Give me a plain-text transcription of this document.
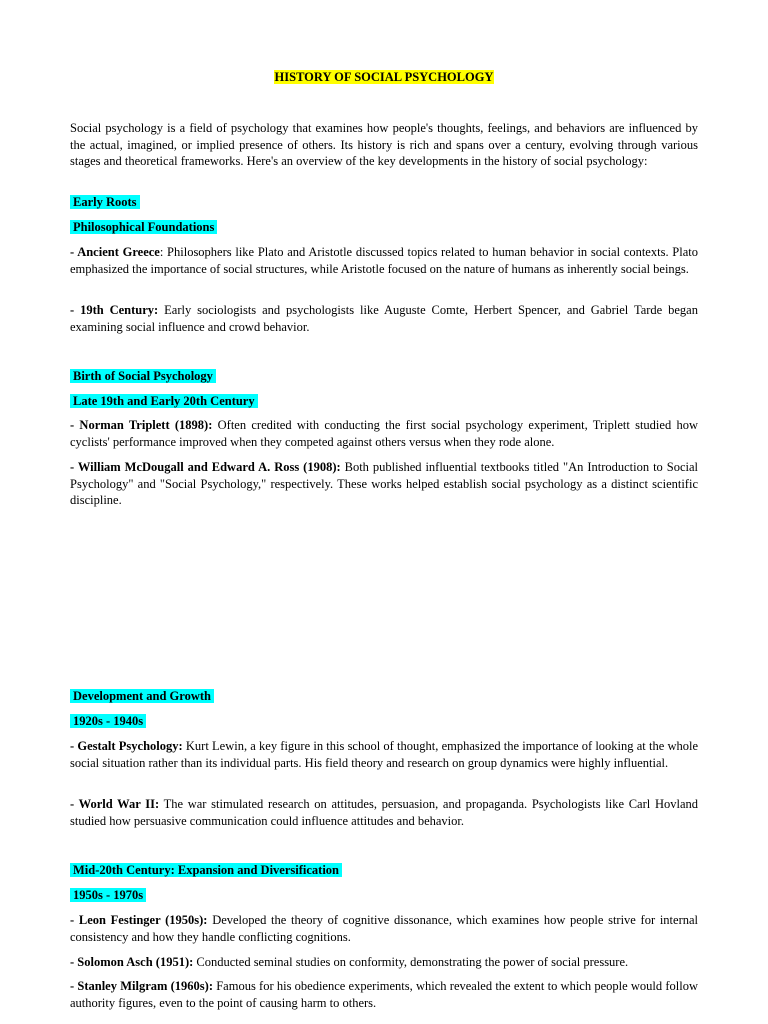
HISTORY OF SOCIAL PSYCHOLOGY
Social psychology is a field of psychology that examines how people's thoughts, feelings, and behaviors are influenced by the actual, imagined, or implied presence of others. Its history is rich and spans over a century, evolving through various stages and theoretical frameworks. Here's an overview of the key developments in the history of social psychology:
Early Roots
Philosophical Foundations
- Ancient Greece: Philosophers like Plato and Aristotle discussed topics related to human behavior in social contexts. Plato emphasized the importance of social structures, while Aristotle focused on the nature of humans as inherently social beings.
- 19th Century: Early sociologists and psychologists like Auguste Comte, Herbert Spencer, and Gabriel Tarde began examining social influence and crowd behavior.
Birth of Social Psychology
Late 19th and Early 20th Century
- Norman Triplett (1898): Often credited with conducting the first social psychology experiment, Triplett studied how cyclists' performance improved when they competed against others versus when they rode alone.
- William McDougall and Edward A. Ross (1908): Both published influential textbooks titled "An Introduction to Social Psychology" and "Social Psychology," respectively. These works helped establish social psychology as a distinct scientific discipline.
Development and Growth
1920s - 1940s
- Gestalt Psychology: Kurt Lewin, a key figure in this school of thought, emphasized the importance of looking at the whole social situation rather than its individual parts. His field theory and research on group dynamics were highly influential.
- World War II: The war stimulated research on attitudes, persuasion, and propaganda. Psychologists like Carl Hovland studied how persuasive communication could influence attitudes and behavior.
Mid-20th Century: Expansion and Diversification
1950s - 1970s
- Leon Festinger (1950s): Developed the theory of cognitive dissonance, which examines how people strive for internal consistency and how they handle conflicting cognitions.
- Solomon Asch (1951): Conducted seminal studies on conformity, demonstrating the power of social pressure.
- Stanley Milgram (1960s): Famous for his obedience experiments, which revealed the extent to which people would follow authority figures, even to the point of causing harm to others.
